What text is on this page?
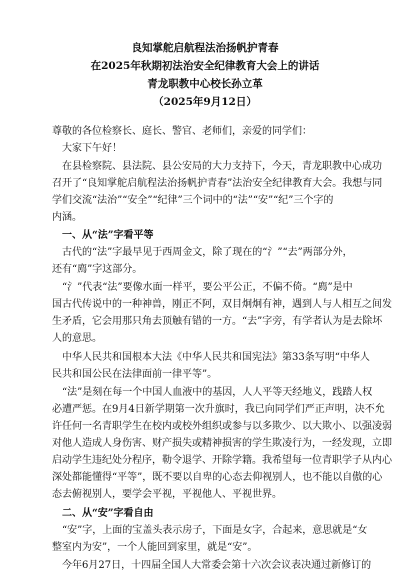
良知掌舵启航程法治扬帆护青春
在2025年秋期初法治安全纪律教育大会上的讲话
青龙职教中心校长孙立革
（2025年9月12日）
尊敬的各位检察长、庭长、警官、老师们，亲爱的同学们：
大家下午好！
在县检察院、县法院、县公安局的大力支持下，今天，青龙职教中心成功
召开了“良知掌舵启航程法治扬帆护青春”法治安全纪律教育大会。我想与同
学们交流“法治”“安全”“纪律”三个词中的“法”“安”“纪”三个字的
内涵。
一、从“法”字看平等
古代的“法”字最早见于西周金文，除了现在的“氵”“去”两部分外，
还有“廌”字这部分。
“氵”代表“法”要像水面一样平，要公平公正，不偏不倚。“廌”是中
国古代传说中的一种神兽，刚正不阿，双目炯炯有神，遇到人与人相互之间发
生矛盾，它会用那只角去顶触有错的一方。“去”字旁，有学者认为是去除坏
人的意思。
中华人民共和国根本大法《中华人民共和国宪法》第33条写明“中华人
民共和国公民在法律面前一律平等”。
“法”是刻在每一个中国人血液中的基因，人人平等天经地义，践踏人权
必遭严惩。在9月4日新学期第一次升旗时，我已向同学们严正声明，决不允
许任何一名青职学生在校内或校外组织或参与以多欺少、以大欺小、以强凌弱
对他人造成人身伤害、财产损失或精神损害的学生欺凌行为，一经发现，立即
启动学生违纪处分程序，勒令退学、开除学籍。我希望每一位青职学子从内心
深处都能懂得“平等”，既不要以自卑的心态去仰视别人，也不能以自傲的心
态去俯视别人，要学会平视，平视他人、平视世界。
二、从“安”字看自由
“安”字，上面的宝盖头表示房子，下面是女字，合起来，意思就是“女
整室内为安”，一个人能回到家里，就是“安”。
今年6月27日，十四届全国人大常委会第十六次会议表决通过新修订的
